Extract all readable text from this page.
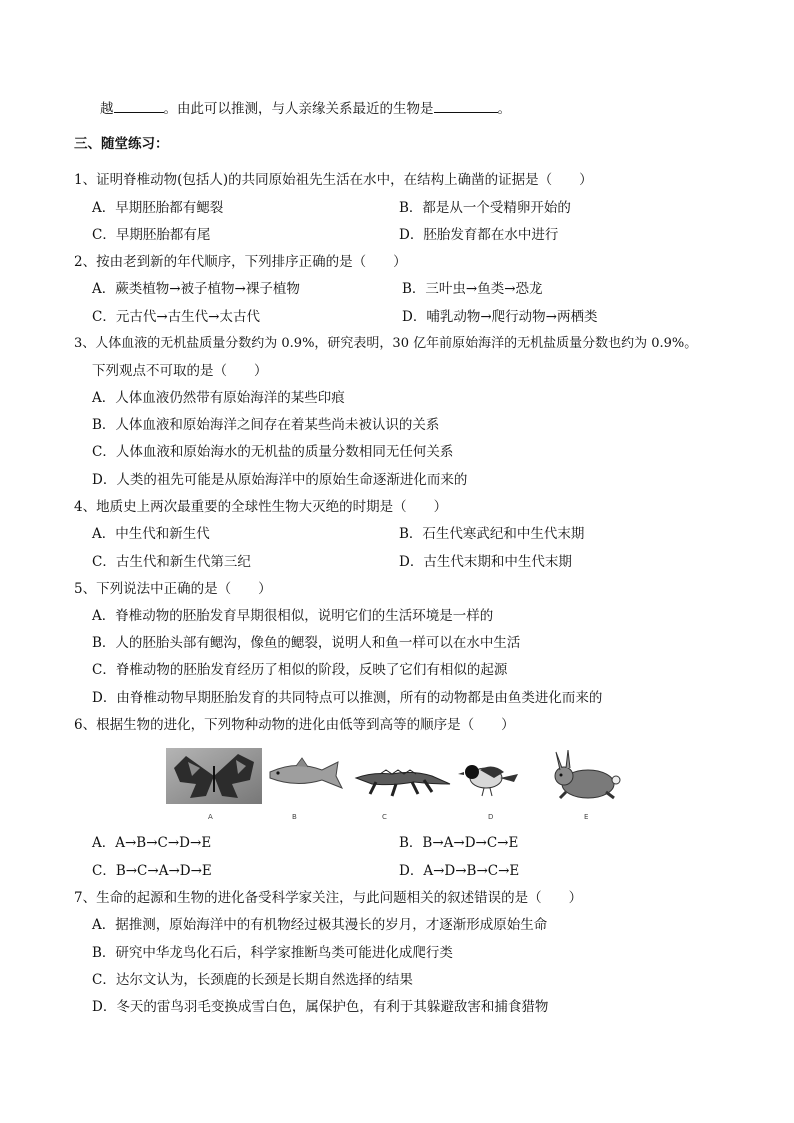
越	。由此可以推测，与人亲缘关系最近的生物是	。
三、随堂练习：
1、证明脊椎动物(包括人)的共同原始祖先生活在水中，在结构上确凿的证据是（　　）
A．早期胚胎都有鳃裂	B．都是从一个受精卵开始的
C．早期胚胎都有尾	D．胚胎发育都在水中进行
2、按由老到新的年代顺序，下列排序正确的是（　　）
A．蕨类植物→被子植物→裸子植物	B．三叶虫→鱼类→恐龙
C．元古代→古生代→太古代	D．哺乳动物→爬行动物→两栖类
3、人体血液的无机盐质量分数约为 0.9%，研究表明，30 亿年前原始海洋的无机盐质量分数也约为 0.9%。
下列观点不可取的是（　　）
A．人体血液仍然带有原始海洋的某些印痕
B．人体血液和原始海洋之间存在着某些尚未被认识的关系
C．人体血液和原始海水的无机盐的质量分数相同无任何关系
D．人类的祖先可能是从原始海洋中的原始生命逐渐进化而来的
4、地质史上两次最重要的全球性生物大灭绝的时期是（　　）
A．中生代和新生代	B．石生代寒武纪和中生代末期
C．古生代和新生代第三纪	D．古生代末期和中生代末期
5、下列说法中正确的是（　　）
A．脊椎动物的胚胎发育早期很相似，说明它们的生活环境是一样的
B．人的胚胎头部有鳃沟，像鱼的鳃裂，说明人和鱼一样可以在水中生活
C．脊椎动物的胚胎发育经历了相似的阶段，反映了它们有相似的起源
D．由脊椎动物早期胚胎发育的共同特点可以推测，所有的动物都是由鱼类进化而来的
6、根据生物的进化，下列物种动物的进化由低等到高等的顺序是（　　）
A	B	C	D	E
A．A→B→C→D→E	B．B→A→D→C→E
C．B→C→A→D→E	D．A→D→B→C→E
7、生命的起源和生物的进化备受科学家关注，与此问题相关的叙述错误的是（　　）
A．据推测，原始海洋中的有机物经过极其漫长的岁月，才逐渐形成原始生命
B．研究中华龙鸟化石后，科学家推断鸟类可能进化成爬行类
C．达尔文认为，长颈鹿的长颈是长期自然选择的结果
D．冬天的雷鸟羽毛变换成雪白色，属保护色，有利于其躲避敌害和捕食猎物
